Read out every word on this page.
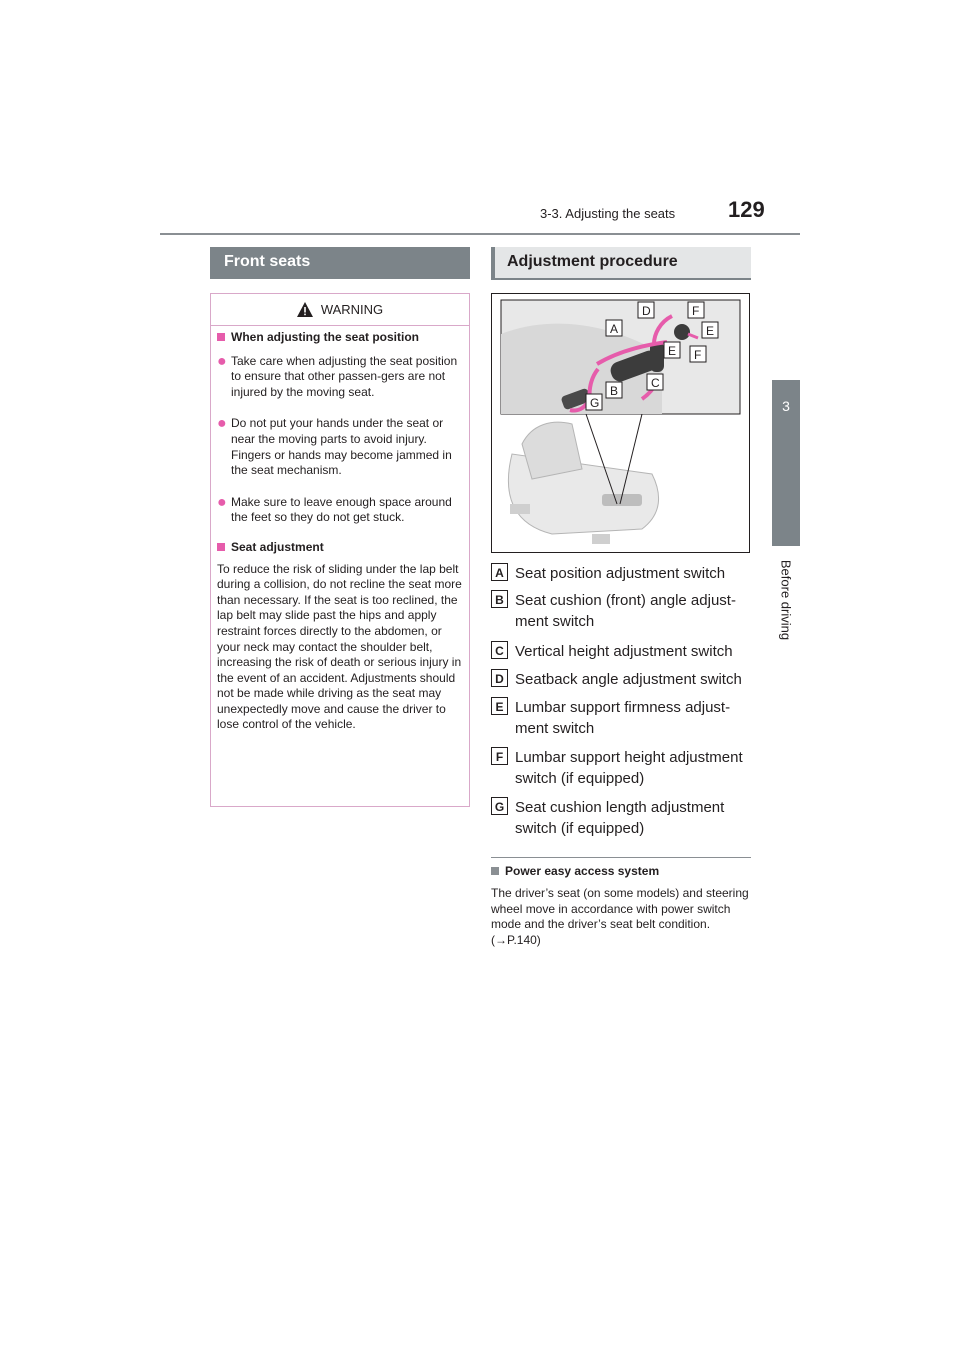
3-3. Adjusting the seats 129
3
Before driving
Front seats
WARNING
When adjusting the seat position
● Take care when adjusting the seat position to ensure that other passen-gers are not injured by the moving seat.
● Do not put your hands under the seat or near the moving parts to avoid injury. Fingers or hands may become jammed in the seat mechanism.
● Make sure to leave enough space around the feet so they do not get stuck.
Seat adjustment
To reduce the risk of sliding under the lap belt during a collision, do not recline the seat more than necessary. If the seat is too reclined, the lap belt may slide past the hips and apply restraint forces directly to the abdomen, or your neck may contact the shoulder belt, increasing the risk of death or serious injury in the event of an accident. Adjustments should not be made while driving as the seat may unexpectedly move and cause the driver to lose control of the vehicle.
Adjustment procedure
A
B
C
D
E
E
F
F
G
A Seat position adjustment switch
B Seat cushion (front) angle adjust-ment switch
C Vertical height adjustment switch
D Seatback angle adjustment switch
E Lumbar support firmness adjust-ment switch
F Lumbar support height adjustment switch (if equipped)
G Seat cushion length adjustment switch (if equipped)
Power easy access system
The driver’s seat (on some models) and steering wheel move in accordance with power switch mode and the driver’s seat belt condition. (→P.140)
